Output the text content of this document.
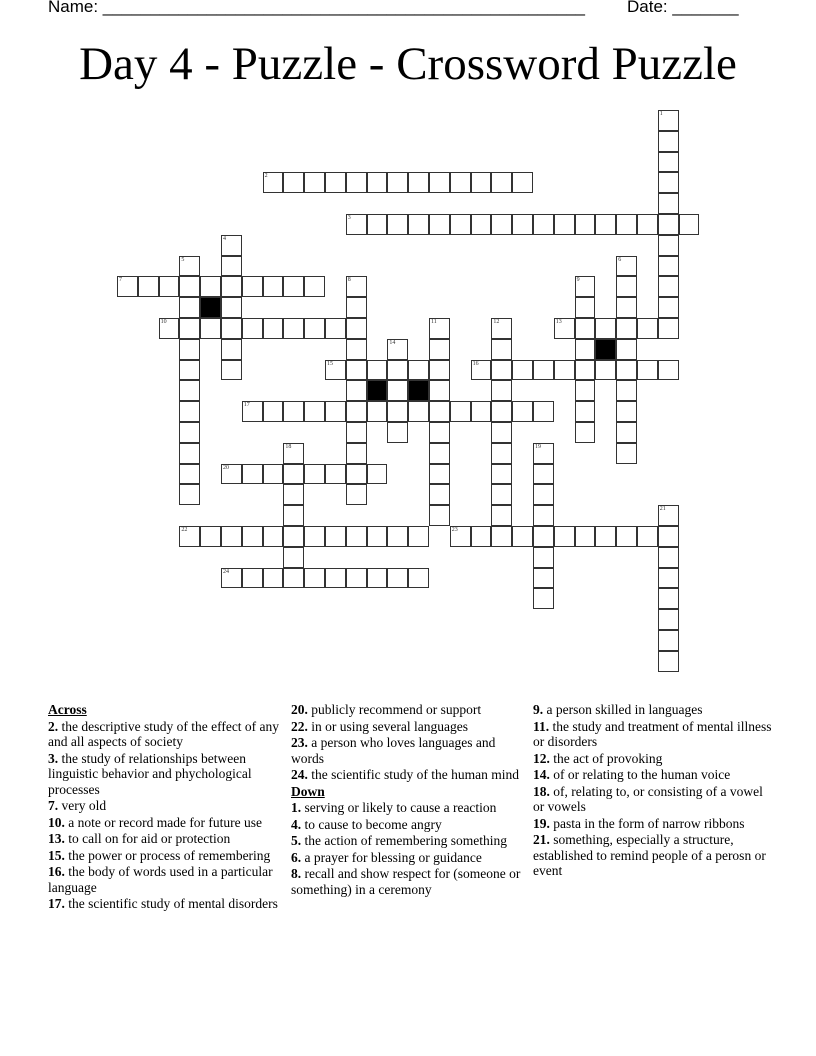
Name: ___________________________________________________ Date: _______
Day 4 - Puzzle - Crossword Puzzle
1
2
3
4
5	6
7	8	9
10	11	12	13
14
15	16
17
18	19
20
21
22	23
24
Across
2. the descriptive study of the effect of any and all aspects of society
3. the study of relationships between linguistic behavior and phychological processes
7. very old
10. a note or record made for future use
13. to call on for aid or protection
15. the power or process of remembering
16. the body of words used in a particular language
17. the scientific study of mental disorders
20. publicly recommend or support
22. in or using several languages
23. a person who loves languages and words
24. the scientific study of the human mind
Down
1. serving or likely to cause a reaction
4. to cause to become angry
5. the action of remembering something
6. a prayer for blessing or guidance
8. recall and show respect for (someone or something) in a ceremony
9. a person skilled in languages
11. the study and treatment of mental illness or disorders
12. the act of provoking
14. of or relating to the human voice
18. of, relating to, or consisting of a vowel or vowels
19. pasta in the form of narrow ribbons
21. something, especially a structure, established to remind people of a perosn or event
